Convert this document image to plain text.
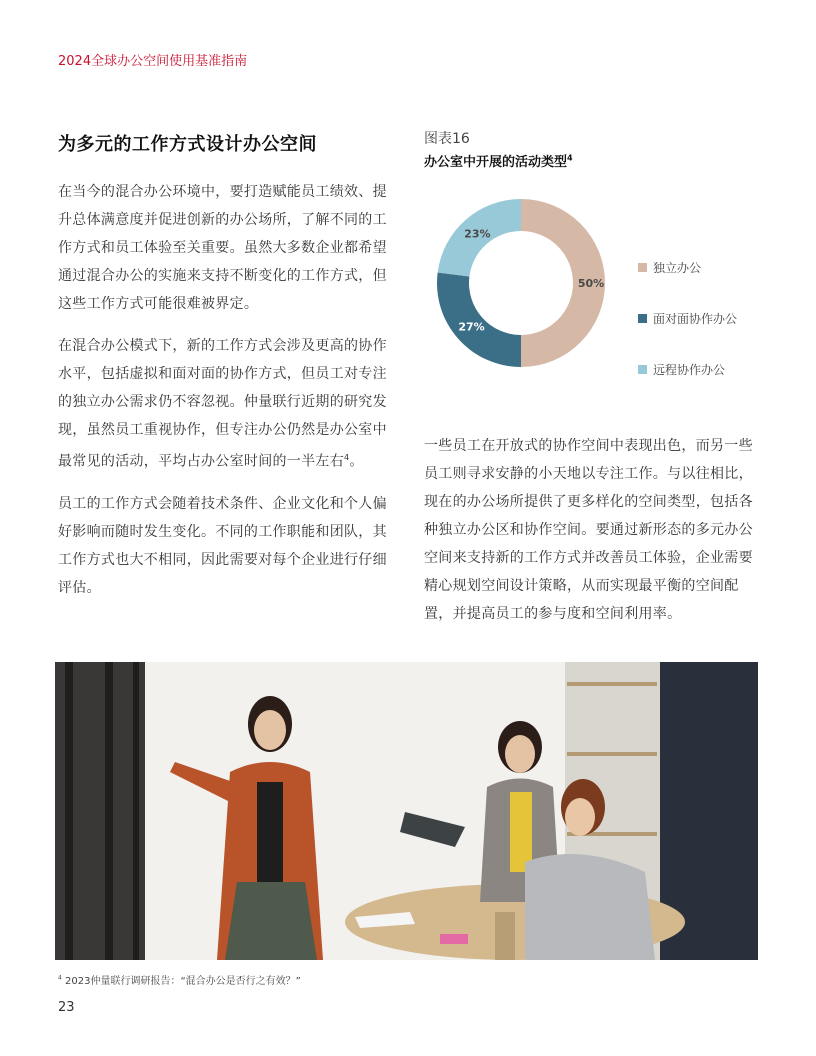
2024全球办公空间使用基准指南
为多元的工作方式设计办公空间

在当今的混合办公环境中，要打造赋能员工绩效、提升总体满意度并促进创新的办公场所，了解不同的工作方式和员工体验至关重要。虽然大多数企业都希望通过混合办公的实施来支持不断变化的工作方式，但这些工作方式可能很难被界定。

在混合办公模式下，新的工作方式会涉及更高的协作水平，包括虚拟和面对面的协作方式，但员工对专注的独立办公需求仍不容忽视。仲量联行近期的研究发现，虽然员工重视协作，但专注办公仍然是办公室中最常见的活动，平均占办公室时间的一半左右$^4$。

员工的工作方式会随着技术条件、企业文化和个人偏好影响而随时发生变化。不同的工作职能和团队，其工作方式也大不相同，因此需要对每个企业进行仔细评估。

图表16
办公室中开展的活动类型$^4$
50%
27%
23%
独立办公
面对面协作办公
远程协作办公

一些员工在开放式的协作空间中表现出色，而另一些员工则寻求安静的小天地以专注工作。与以往相比，现在的办公场所提供了更多样化的空间类型，包括各种独立办公区和协作空间。要通过新形态的多元办公空间来支持新的工作方式并改善员工体验，企业需要精心规划空间设计策略，从而实现最平衡的空间配置，并提高员工的参与度和空间利用率。

$^4$ 2023仲量联行调研报告：“混合办公是否行之有效？”
23
